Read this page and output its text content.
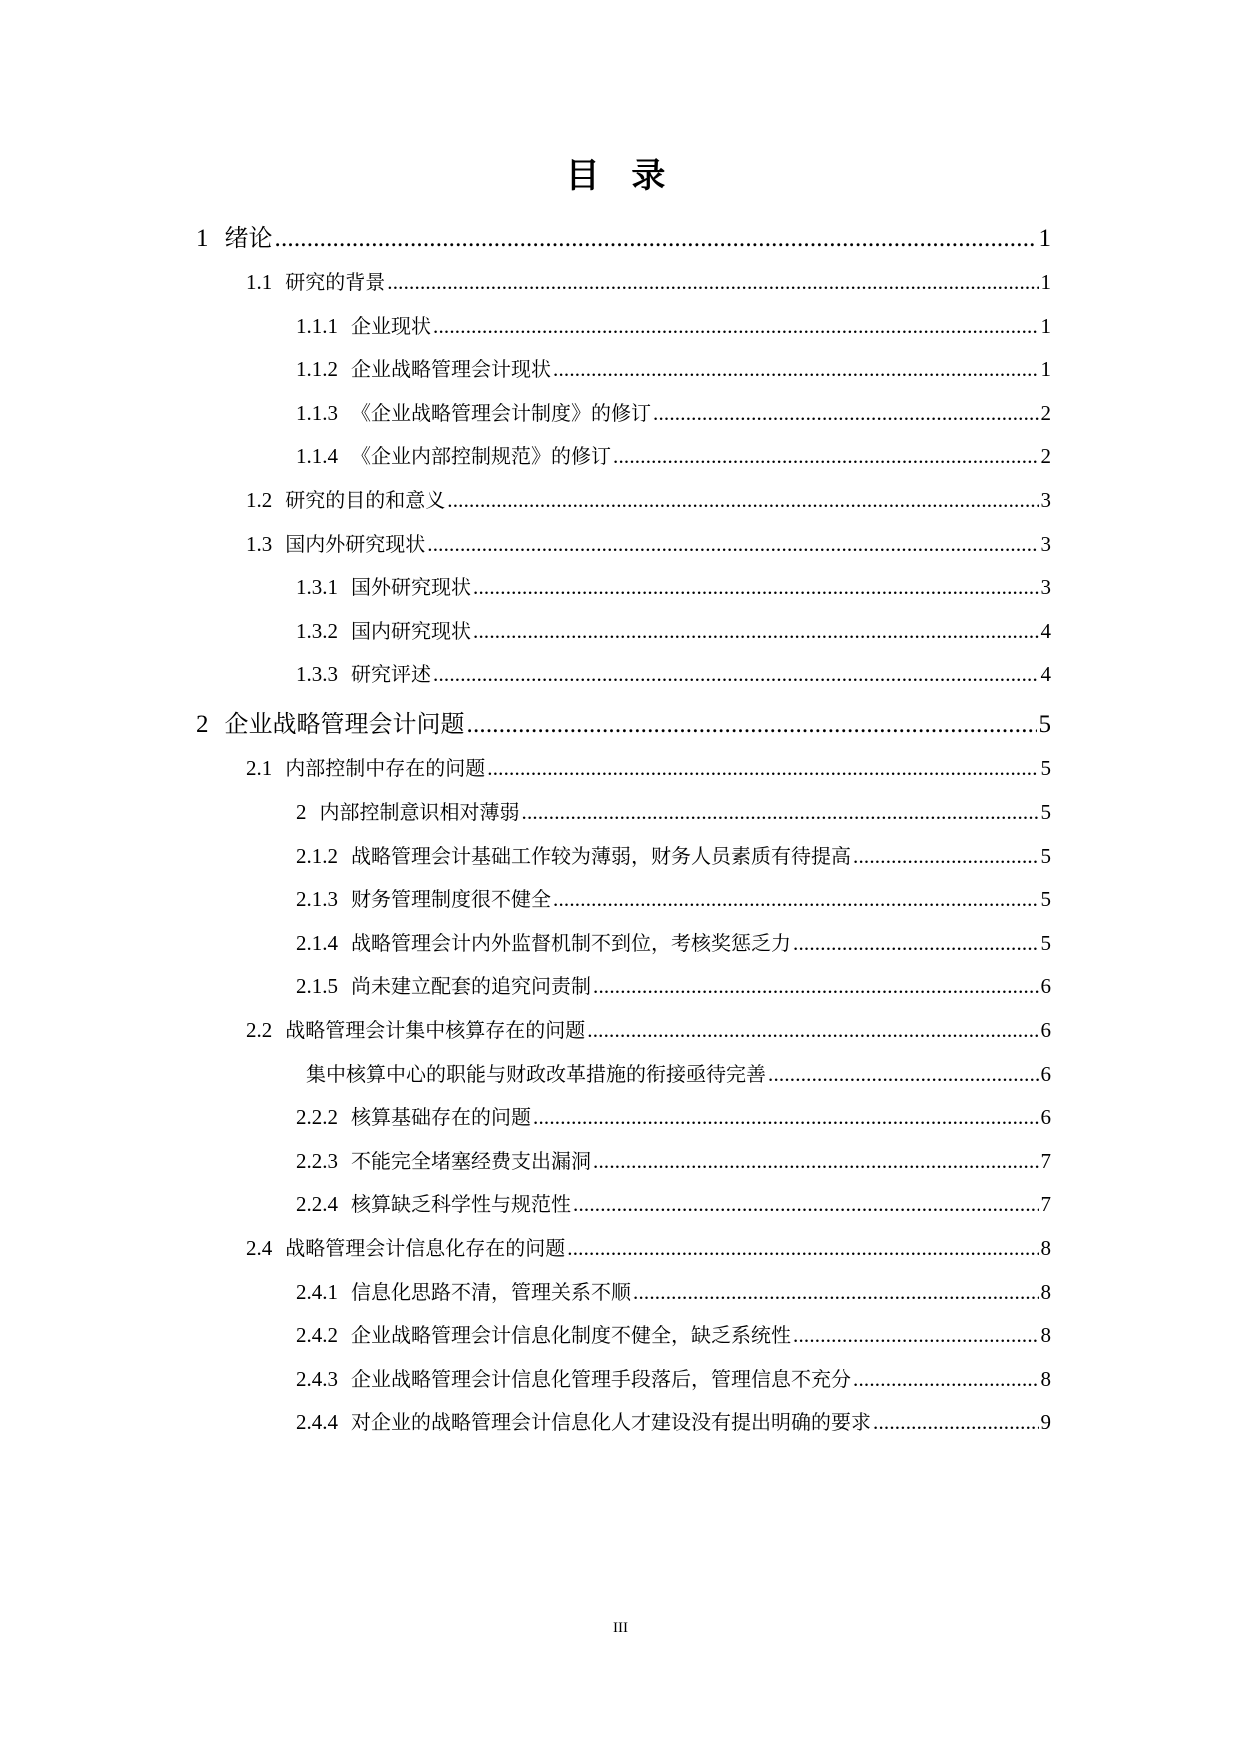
目 录
1 绪论 .....	1
1.1 研究的背景 .....	1
1.1.1 企业现状 .....	1
1.1.2 企业战略管理会计现状 .....	1
1.1.3 《企业战略管理会计制度》的修订 .....	2
1.1.4 《企业内部控制规范》的修订 .....	2
1.2 研究的目的和意义 .....	3
1.3 国内外研究现状 .....	3
1.3.1 国外研究现状 .....	3
1.3.2 国内研究现状 .....	4
1.3.3 研究评述 .....	4
2 企业战略管理会计问题 .....	5
2.1 内部控制中存在的问题 .....	5
2 内部控制意识相对薄弱 .....	5
2.1.2 战略管理会计基础工作较为薄弱，财务人员素质有待提高 .....	5
2.1.3 财务管理制度很不健全 .....	5
2.1.4 战略管理会计内外监督机制不到位，考核奖惩乏力 .....	5
2.1.5 尚未建立配套的追究问责制 .....	6
2.2 战略管理会计集中核算存在的问题 .....	6
集中核算中心的职能与财政改革措施的衔接亟待完善 .....	6
2.2.2 核算基础存在的问题 .....	6
2.2.3 不能完全堵塞经费支出漏洞 .....	7
2.2.4 核算缺乏科学性与规范性 .....	7
2.4 战略管理会计信息化存在的问题 .....	8
2.4.1 信息化思路不清，管理关系不顺 .....	8
2.4.2 企业战略管理会计信息化制度不健全，缺乏系统性 .....	8
2.4.3 企业战略管理会计信息化管理手段落后，管理信息不充分 .....	8
2.4.4 对企业的战略管理会计信息化人才建设没有提出明确的要求 .....	9
III
